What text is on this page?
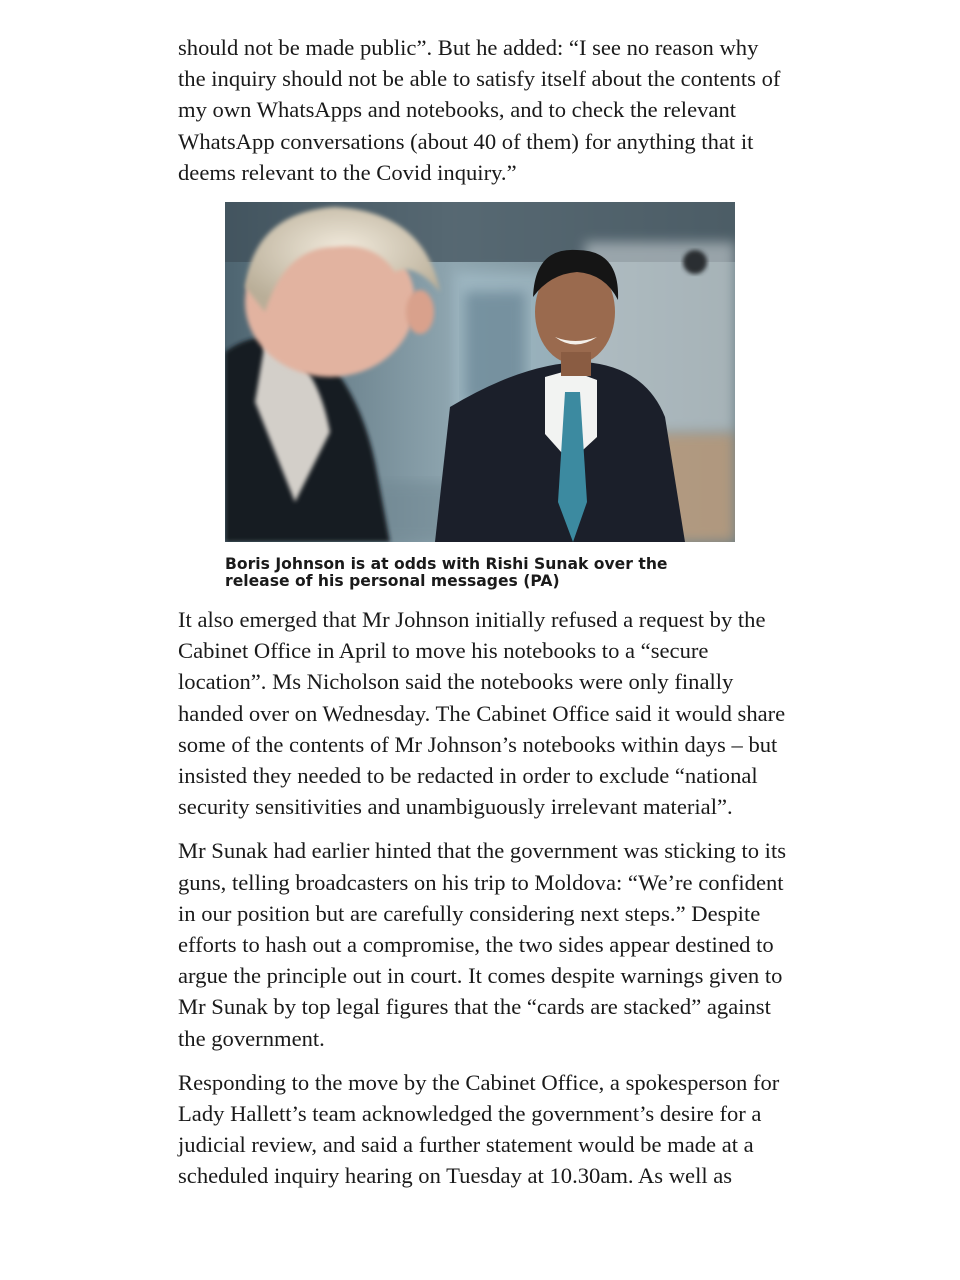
should not be made public”. But he added: “I see no reason why the inquiry should not be able to satisfy itself about the contents of my own WhatsApps and notebooks, and to check the relevant WhatsApp conversations (about 40 of them) for anything that it deems relevant to the Covid inquiry.”

Boris Johnson is at odds with Rishi Sunak over the release of his personal messages (PA)

It also emerged that Mr Johnson initially refused a request by the Cabinet Office in April to move his notebooks to a “secure location”. Ms Nicholson said the notebooks were only finally handed over on Wednesday. The Cabinet Office said it would share some of the contents of Mr Johnson’s notebooks within days – but insisted they needed to be redacted in order to exclude “national security sensitivities and unambiguously irrelevant material”.

Mr Sunak had earlier hinted that the government was sticking to its guns, telling broadcasters on his trip to Moldova: “We’re confident in our position but are carefully considering next steps.” Despite efforts to hash out a compromise, the two sides appear destined to argue the principle out in court. It comes despite warnings given to Mr Sunak by top legal figures that the “cards are stacked” against the government.

Responding to the move by the Cabinet Office, a spokesperson for Lady Hallett’s team acknowledged the government’s desire for a judicial review, and said a further statement would be made at a scheduled inquiry hearing on Tuesday at 10.30am. As well as
